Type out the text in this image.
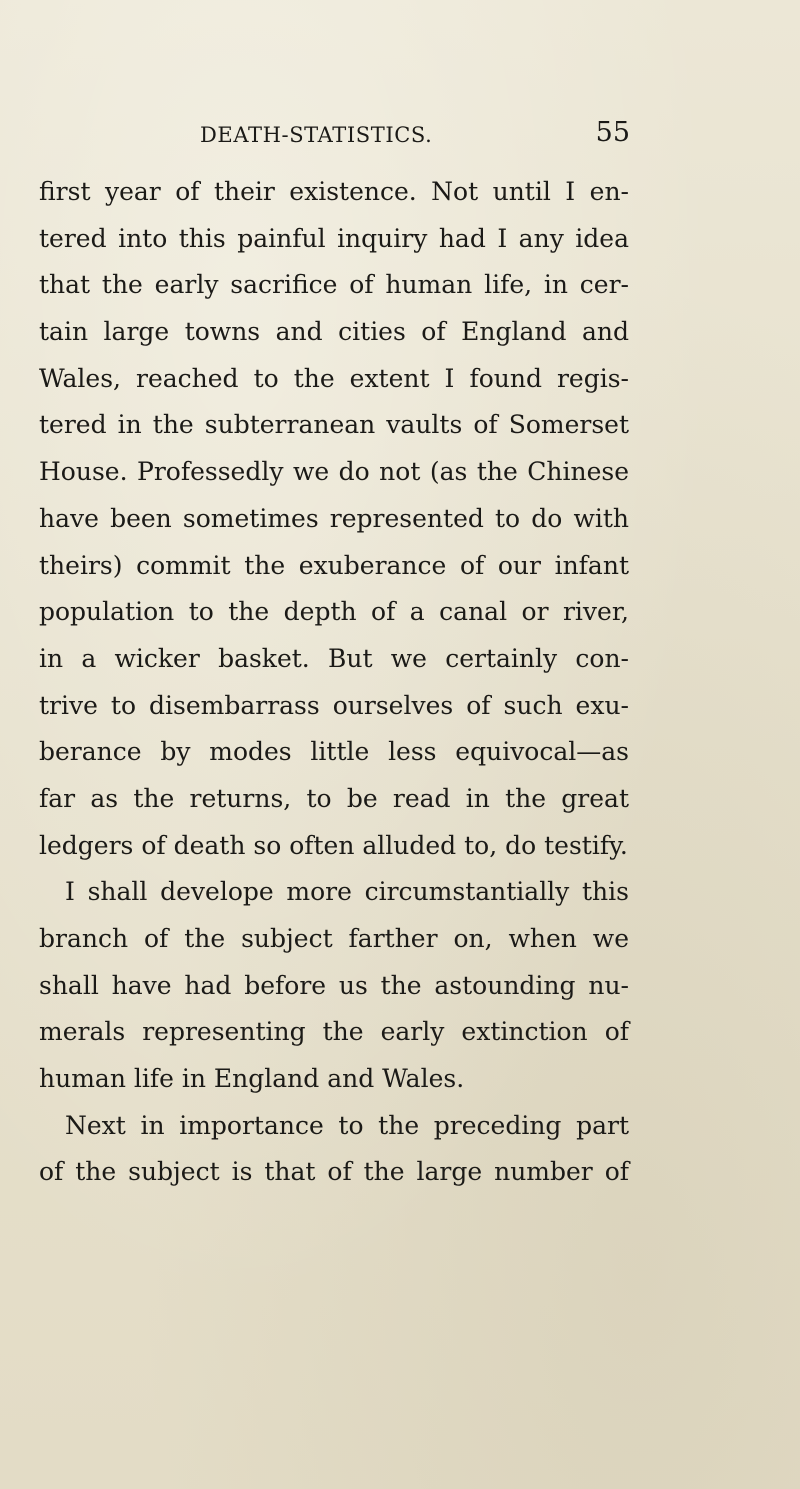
DEATH-STATISTICS.	55
first year of their existence. Not until I en-
tered into this painful inquiry had I any idea
that the early sacrifice of human life, in cer-
tain large towns and cities of England and
Wales, reached to the extent I found regis-
tered in the subterranean vaults of Somerset
House. Professedly we do not (as the Chinese
have been sometimes represented to do with
theirs) commit the exuberance of our infant
population to the depth of a canal or river,
in a wicker basket. But we certainly con-
trive to disembarrass ourselves of such exu-
berance by modes little less equivocal—as
far as the returns, to be read in the great
ledgers of death so often alluded to, do testify.
I shall develope more circumstantially this
branch of the subject farther on, when we
shall have had before us the astounding nu-
merals representing the early extinction of
human life in England and Wales.
Next in importance to the preceding part
of the subject is that of the large number of
